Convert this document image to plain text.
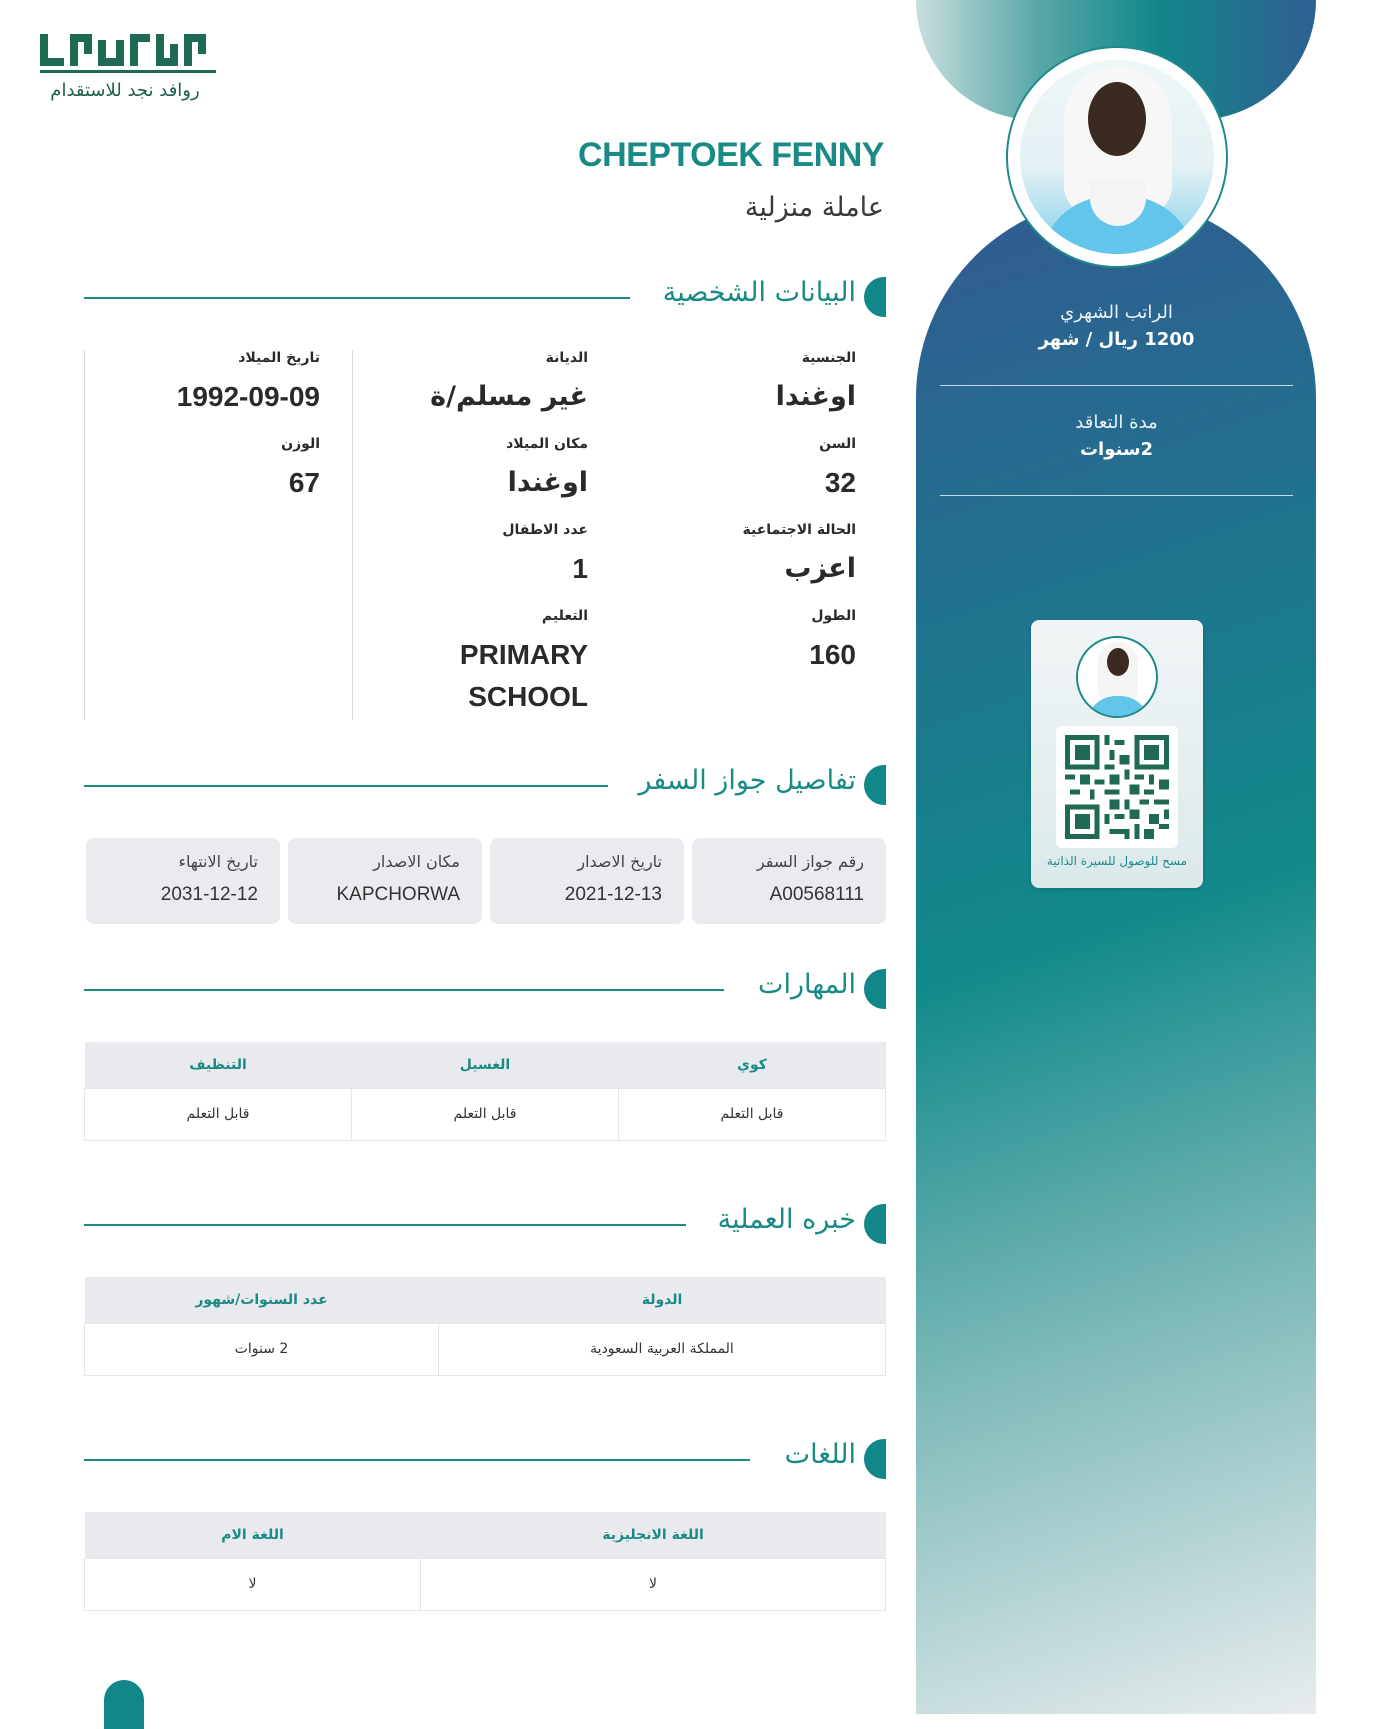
روافد نجد للاستقدام
CHEPTOEK FENNY
عاملة منزلية
الراتب الشهري
1200 ريال / شهر
مدة التعاقد
2سنوات
مسح للوصول للسيرة الذاتية
البيانات الشخصية
الجنسية
اوغندا
السن
32
الحالة الاجتماعية
اعزب
الطول
160
الديانة
غير مسلم/ة
مكان الميلاد
اوغندا
عدد الاطفال
1
التعليم
PRIMARY SCHOOL
تاريخ الميلاد
1992-09-09
الوزن
67
تفاصيل جواز السفر
رقم جواز السفر
A00568111
تاريخ الاصدار
2021-12-13
مكان الاصدار
KAPCHORWA
تاريخ الانتهاء
2031-12-12
المهارات
كوي	الغسيل	التنظيف
قابل التعلم	قابل التعلم	قابل التعلم
خبره العملية
الدولة	عدد السنوات/شهور
المملكة العربية السعودية	2 سنوات
اللغات
اللغة الانجليزية	اللغة الام
لا	لا
